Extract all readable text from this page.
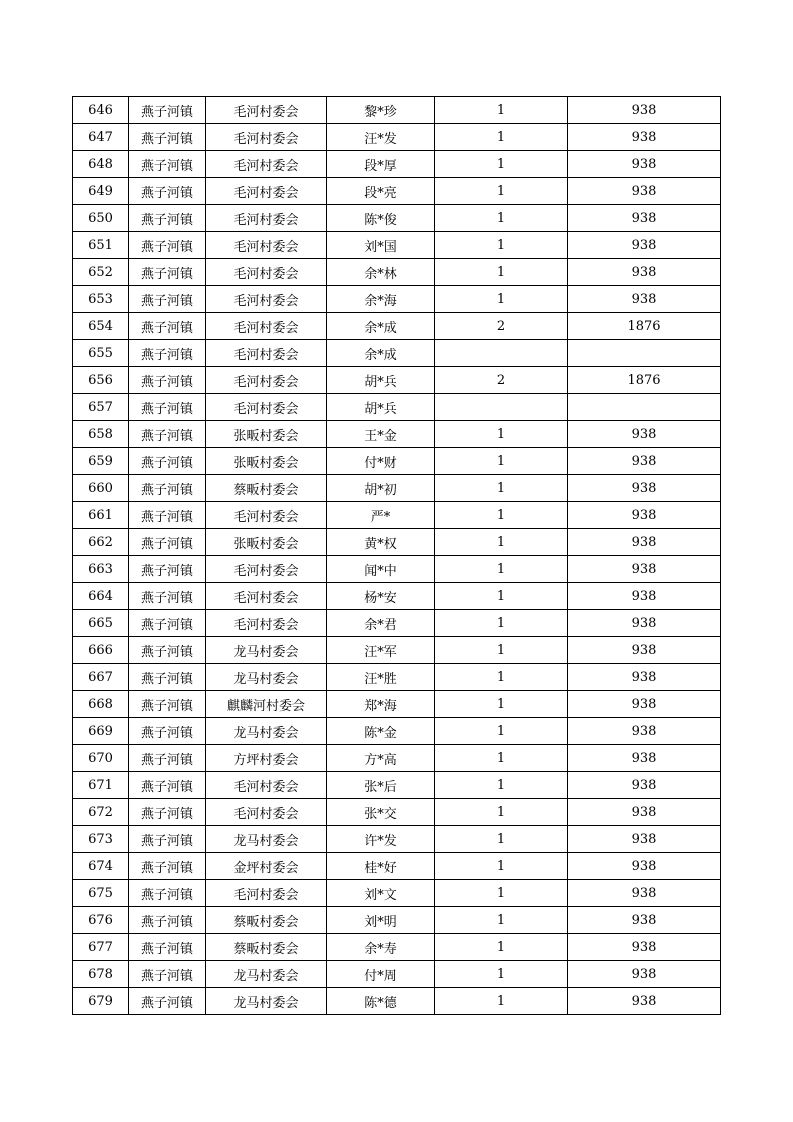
646	燕子河镇	毛河村委会	黎*珍	1	938
647	燕子河镇	毛河村委会	汪*发	1	938
648	燕子河镇	毛河村委会	段*厚	1	938
649	燕子河镇	毛河村委会	段*亮	1	938
650	燕子河镇	毛河村委会	陈*俊	1	938
651	燕子河镇	毛河村委会	刘*国	1	938
652	燕子河镇	毛河村委会	余*林	1	938
653	燕子河镇	毛河村委会	余*海	1	938
654	燕子河镇	毛河村委会	余*成	2	1876
655	燕子河镇	毛河村委会	余*成		
656	燕子河镇	毛河村委会	胡*兵	2	1876
657	燕子河镇	毛河村委会	胡*兵		
658	燕子河镇	张畈村委会	王*金	1	938
659	燕子河镇	张畈村委会	付*财	1	938
660	燕子河镇	蔡畈村委会	胡*初	1	938
661	燕子河镇	毛河村委会	严*	1	938
662	燕子河镇	张畈村委会	黄*权	1	938
663	燕子河镇	毛河村委会	闻*中	1	938
664	燕子河镇	毛河村委会	杨*安	1	938
665	燕子河镇	毛河村委会	余*君	1	938
666	燕子河镇	龙马村委会	汪*军	1	938
667	燕子河镇	龙马村委会	汪*胜	1	938
668	燕子河镇	麒麟河村委会	郑*海	1	938
669	燕子河镇	龙马村委会	陈*金	1	938
670	燕子河镇	方坪村委会	方*高	1	938
671	燕子河镇	毛河村委会	张*后	1	938
672	燕子河镇	毛河村委会	张*交	1	938
673	燕子河镇	龙马村委会	许*发	1	938
674	燕子河镇	金坪村委会	桂*好	1	938
675	燕子河镇	毛河村委会	刘*文	1	938
676	燕子河镇	蔡畈村委会	刘*明	1	938
677	燕子河镇	蔡畈村委会	余*寿	1	938
678	燕子河镇	龙马村委会	付*周	1	938
679	燕子河镇	龙马村委会	陈*德	1	938
